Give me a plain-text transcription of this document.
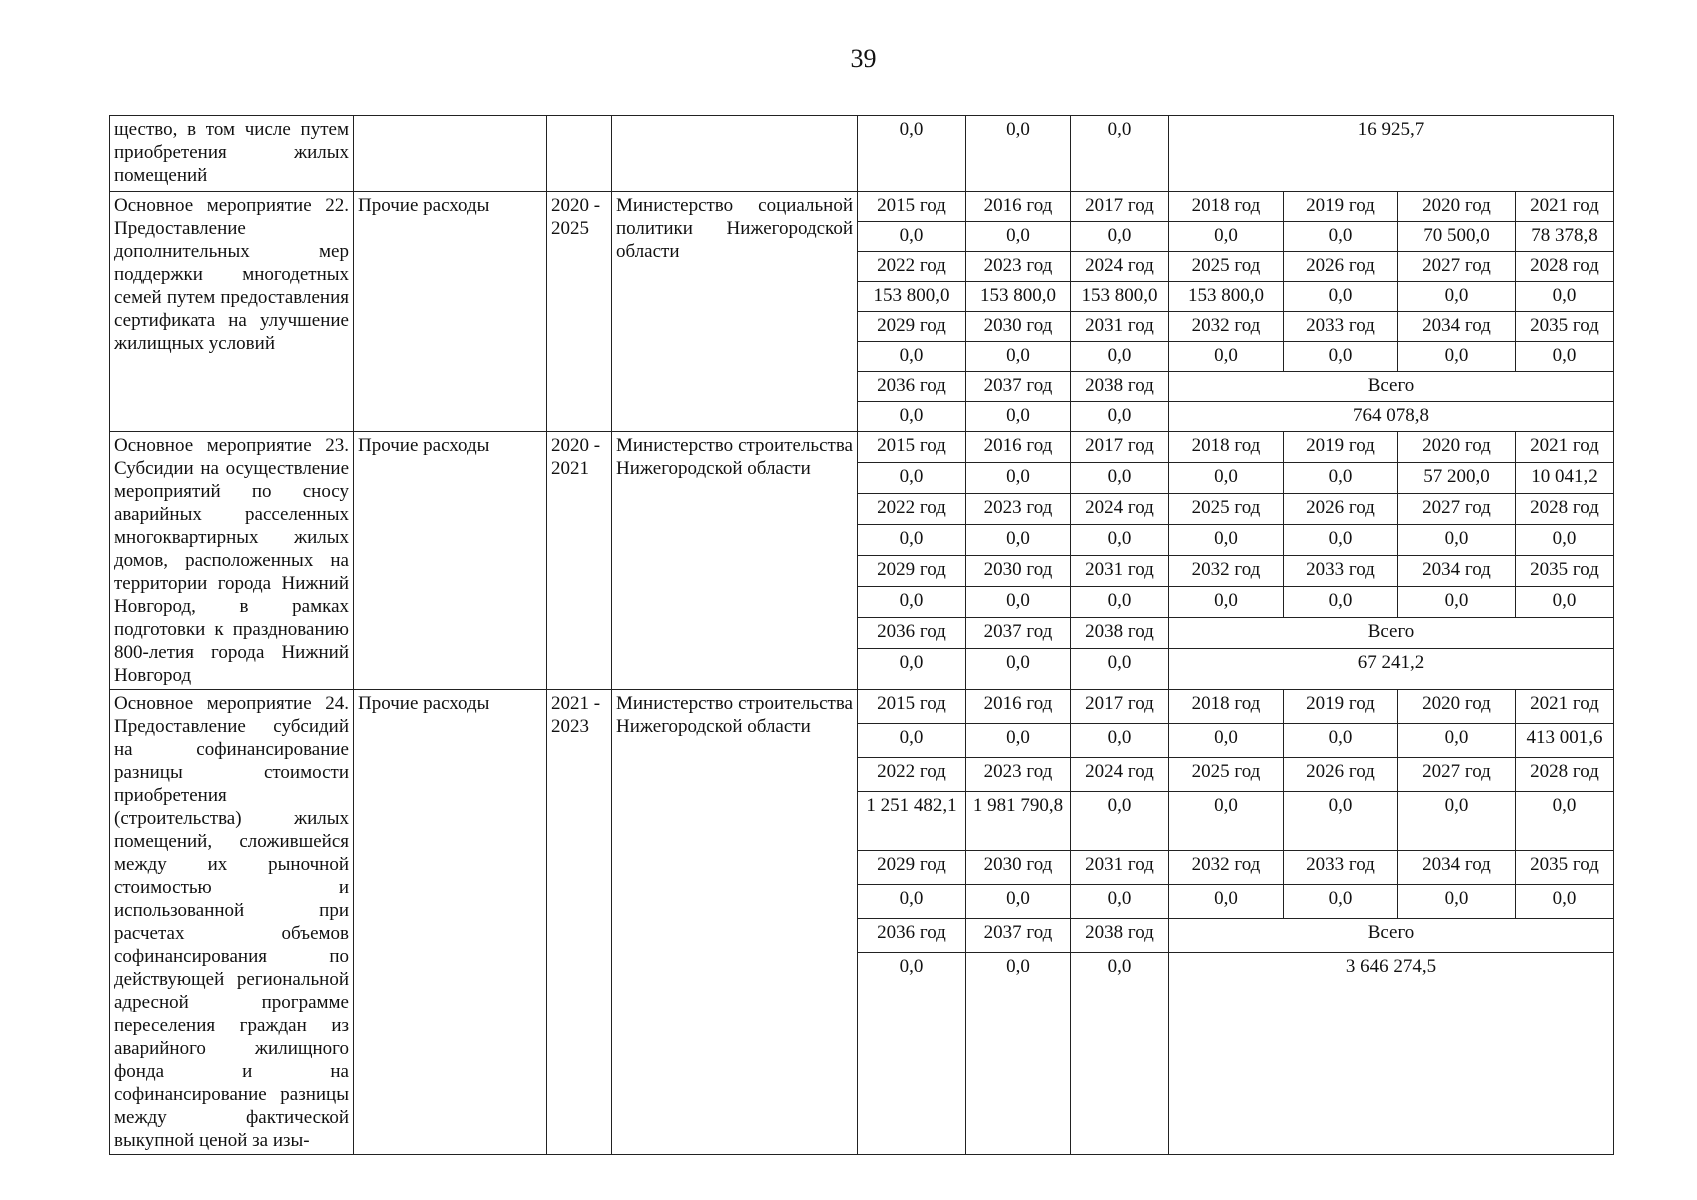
39
щество, в том числе путем приобретения жилых помещений				0,0	0,0	0,0	16 925,7			
Основное мероприятие 22. Предоставление дополнительных мер поддержки многодетных семей путем предоставления сертификата на улучшение жилищных условий	Прочие расходы	2020 - 2025	Министерство социальной политики Нижегородской области	2015 год	2016 год	2017 год	2018 год	2019 год	2020 год	2021 год
				0,0	0,0	0,0	0,0	0,0	70 500,0	78 378,8
				2022 год	2023 год	2024 год	2025 год	2026 год	2027 год	2028 год
				153 800,0	153 800,0	153 800,0	153 800,0	0,0	0,0	0,0
				2029 год	2030 год	2031 год	2032 год	2033 год	2034 год	2035 год
				0,0	0,0	0,0	0,0	0,0	0,0	0,0
				2036 год	2037 год	2038 год	Всего			
				0,0	0,0	0,0	764 078,8			
Основное мероприятие 23. Субсидии на осуществление мероприятий по сносу аварийных расселенных многоквартирных жилых домов, расположенных на территории города Нижний Новгород, в рамках подготовки к празднованию 800-летия города Нижний Новгород	Прочие расходы	2020 - 2021	Министерство строительства Нижегородской области	2015 год	2016 год	2017 год	2018 год	2019 год	2020 год	2021 год
				0,0	0,0	0,0	0,0	0,0	57 200,0	10 041,2
				2022 год	2023 год	2024 год	2025 год	2026 год	2027 год	2028 год
				0,0	0,0	0,0	0,0	0,0	0,0	0,0
				2029 год	2030 год	2031 год	2032 год	2033 год	2034 год	2035 год
				0,0	0,0	0,0	0,0	0,0	0,0	0,0
				2036 год	2037 год	2038 год	Всего			
				0,0	0,0	0,0	67 241,2			
Основное мероприятие 24. Предоставление субсидий на софинансирование разницы стоимости приобретения (строительства) жилых помещений, сложившейся между их рыночной стоимостью и использованной при расчетах объемов софинансирования по действующей региональной адресной программе переселения граждан из аварийного жилищного фонда и на софинансирование разницы между фактической выкупной ценой за изы-	Прочие расходы	2021 - 2023	Министерство строительства Нижегородской области	2015 год	2016 год	2017 год	2018 год	2019 год	2020 год	2021 год
				0,0	0,0	0,0	0,0	0,0	0,0	413 001,6
				2022 год	2023 год	2024 год	2025 год	2026 год	2027 год	2028 год
				1 251 482,1	1 981 790,8	0,0	0,0	0,0	0,0	0,0
				2029 год	2030 год	2031 год	2032 год	2033 год	2034 год	2035 год
				0,0	0,0	0,0	0,0	0,0	0,0	0,0
				2036 год	2037 год	2038 год	Всего			
				0,0	0,0	0,0	3 646 274,5			
